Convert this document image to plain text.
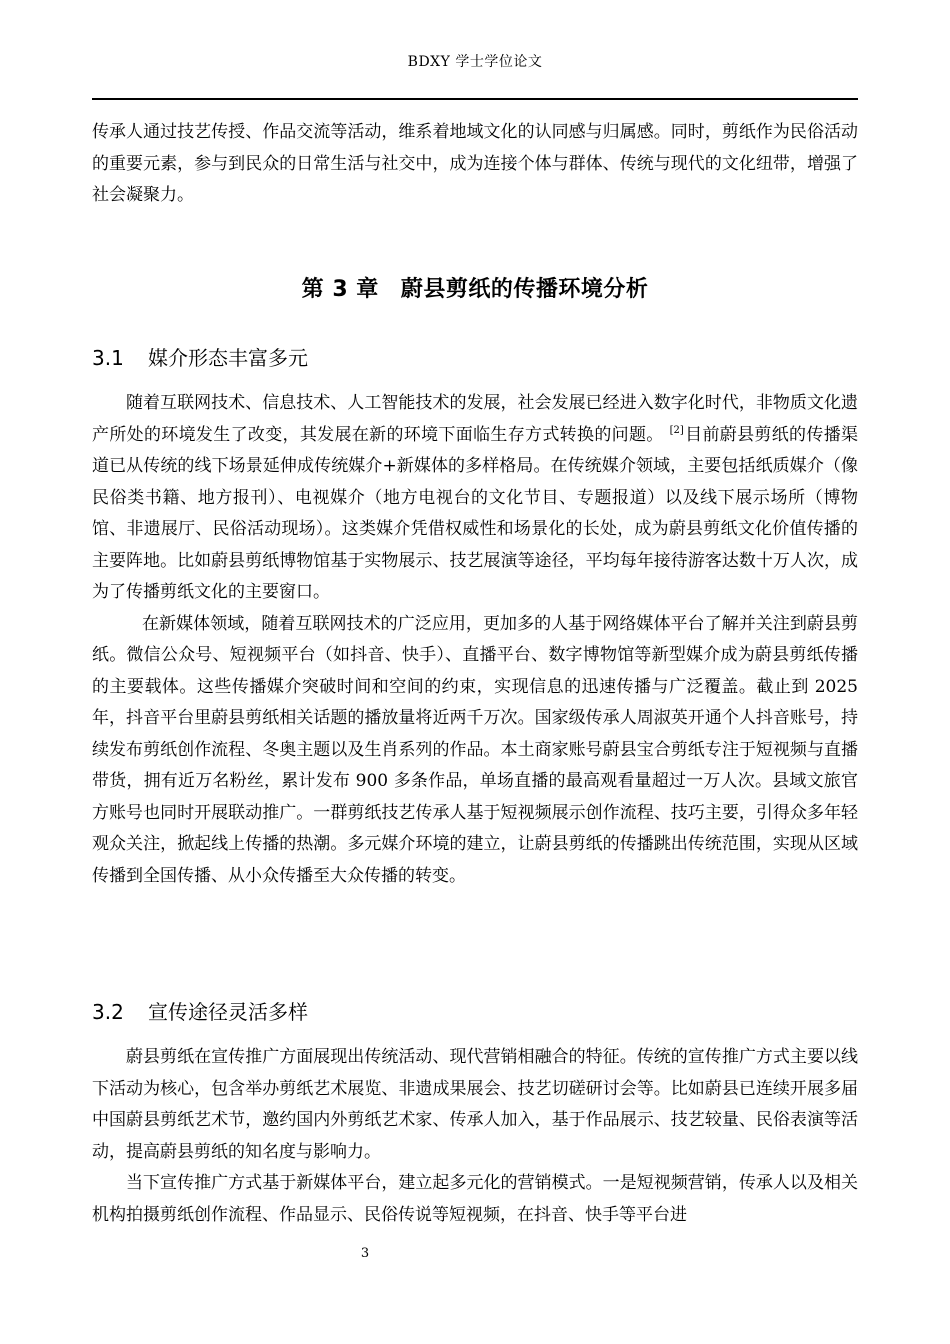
BDXY 学士学位论文

传承人通过技艺传授、作品交流等活动，维系着地域文化的认同感与归属感。同时，剪纸作为民俗活动的重要元素，参与到民众的日常生活与社交中，成为连接个体与群体、传统与现代的文化纽带，增强了社会凝聚力。

第 3 章 蔚县剪纸的传播环境分析
3.1 媒介形态丰富多元

随着互联网技术、信息技术、人工智能技术的发展，社会发展已经进入数字化时代，非物质文化遗产所处的环境发生了改变，其发展在新的环境下面临生存方式转换的问题。 [2]目前蔚县剪纸的传播渠道已从传统的线下场景延伸成传统媒介+新媒体的多样格局。在传统媒介领域，主要包括纸质媒介（像民俗类书籍、地方报刊）、电视媒介（地方电视台的文化节目、专题报道）以及线下展示场所（博物馆、非遗展厅、民俗活动现场）。这类媒介凭借权威性和场景化的长处，成为蔚县剪纸文化价值传播的主要阵地。比如蔚县剪纸博物馆基于实物展示、技艺展演等途径，平均每年接待游客达数十万人次，成为了传播剪纸文化的主要窗口。

在新媒体领域，随着互联网技术的广泛应用，更加多的人基于网络媒体平台了解并关注到蔚县剪纸。微信公众号、短视频平台（如抖音、快手）、直播平台、数字博物馆等新型媒介成为蔚县剪纸传播的主要载体。这些传播媒介突破时间和空间的约束，实现信息的迅速传播与广泛覆盖。截止到 2025 年，抖音平台里蔚县剪纸相关话题的播放量将近两千万次。国家级传承人周淑英开通个人抖音账号，持续发布剪纸创作流程、冬奥主题以及生肖系列的作品。本土商家账号蔚县宝合剪纸专注于短视频与直播带货，拥有近万名粉丝，累计发布 900 多条作品，单场直播的最高观看量超过一万人次。县域文旅官方账号也同时开展联动推广。一群剪纸技艺传承人基于短视频展示创作流程、技巧主要，引得众多年轻观众关注，掀起线上传播的热潮。多元媒介环境的建立，让蔚县剪纸的传播跳出传统范围，实现从区域传播到全国传播、从小众传播至大众传播的转变。

3.2 宣传途径灵活多样

蔚县剪纸在宣传推广方面展现出传统活动、现代营销相融合的特征。传统的宣传推广方式主要以线下活动为核心，包含举办剪纸艺术展览、非遗成果展会、技艺切磋研讨会等。比如蔚县已连续开展多届中国蔚县剪纸艺术节，邀约国内外剪纸艺术家、传承人加入，基于作品展示、技艺较量、民俗表演等活动，提高蔚县剪纸的知名度与影响力。

当下宣传推广方式基于新媒体平台，建立起多元化的营销模式。一是短视频营销，传承人以及相关机构拍摄剪纸创作流程、作品显示、民俗传说等短视频，在抖音、快手等平台进

3
